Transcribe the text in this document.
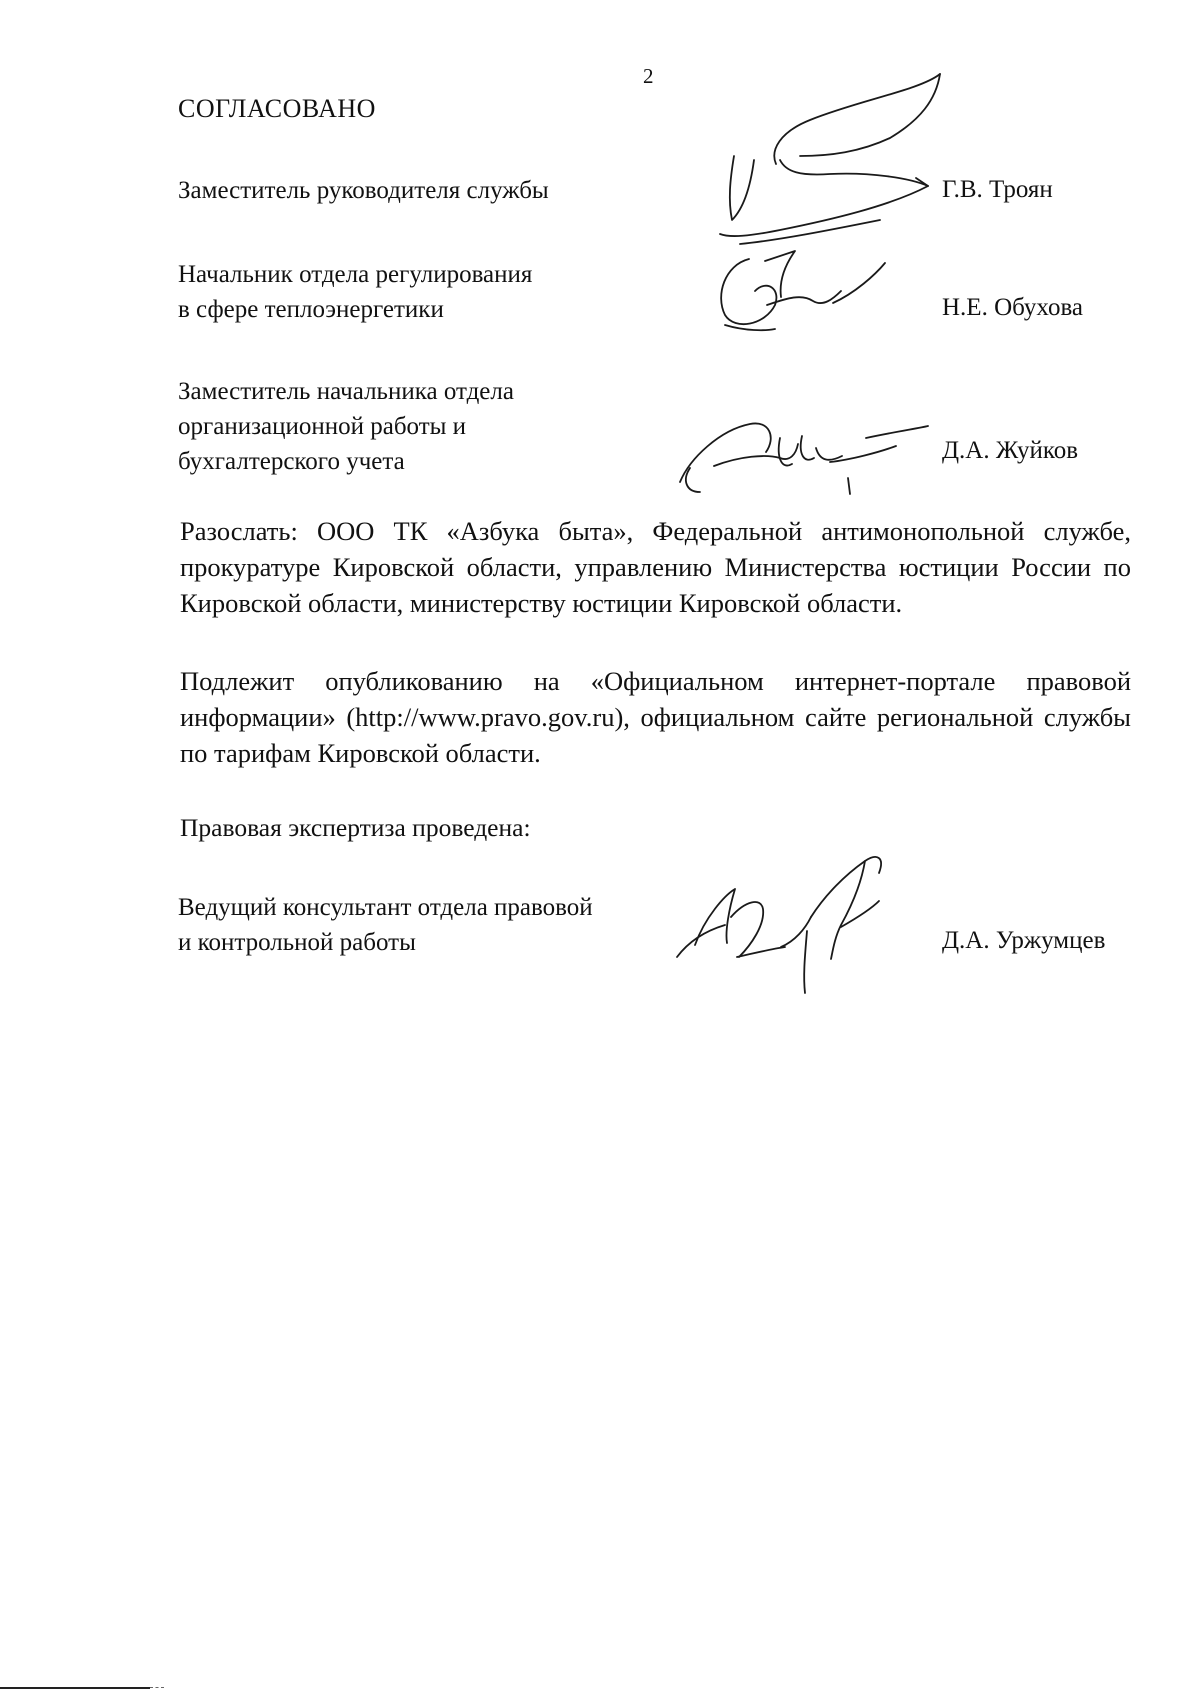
2
СОГЛАСОВАНО
Заместитель руководителя службы	Г.В. Троян
Начальник отдела регулирования
в сфере теплоэнергетики	Н.Е. Обухова
Заместитель начальника отдела
организационной работы и
бухгалтерского учета	Д.А. Жуйков
Разослать: ООО ТК «Азбука быта», Федеральной антимонопольной службе, прокуратуре Кировской области, управлению Министерства юстиции России по Кировской области, министерству юстиции Кировской области.
Подлежит опубликованию на «Официальном интернет-портале правовой информации» (http://www.pravo.gov.ru), официальном сайте региональной службы по тарифам Кировской области.
Правовая экспертиза проведена:
Ведущий консультант отдела правовой
и контрольной работы	Д.А. Уржумцев
